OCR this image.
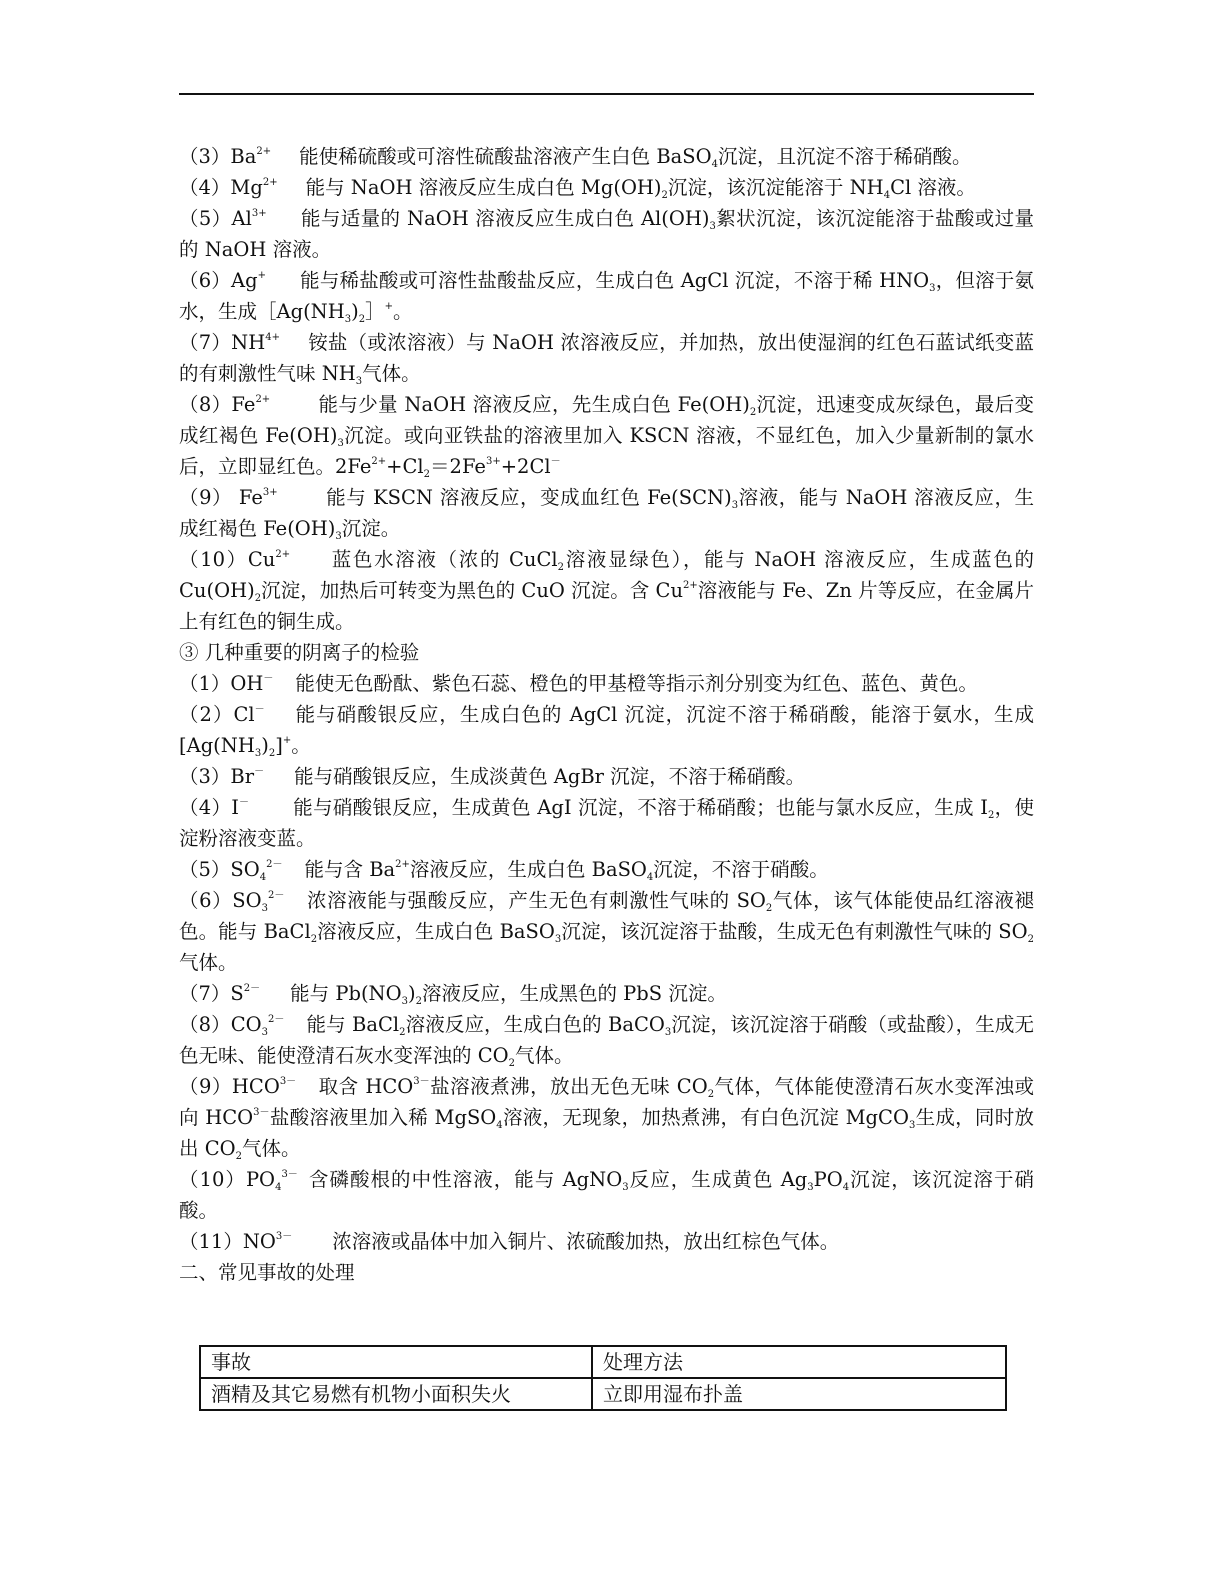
$(3)Ba^{2+}$ 能使稀硫酸或可溶性硫酸盐溶液产生白色 BaSO$_4$沉淀，且沉淀不溶于稀硝酸。

$(4)Mg^{2+}$ 能与 NaOH 溶液反应生成白色 $Mg(OH)_2$沉淀，该沉淀能溶于 $NH_4Cl$ 溶液。

$(5)Al^{3+}$ 能与适量的 NaOH 溶液反应生成白色 $Al(OH)_3$絮状沉淀，该沉淀能溶于盐酸或过量的 NaOH 溶液。

（6）Ag+ 能与稀盐酸或可溶性盐酸盐反应，生成白色 AgCl 沉淀，不溶于稀 $HNO_3$，但溶于氨水，生成$[Ag(NH_3)_2]^+$。

$(7)NH^{4+}$ 铵盐（或浓溶液）与 NaOH 浓溶液反应，并加热，放出使湿润的红色石蓝试纸变蓝的有刺激性气味 $NH_3$气体。

$(8)Fe^{2+}$ 能与少量 NaOH 溶液反应，先生成白色 $Fe(OH)_2$沉淀，迅速变成灰绿色，最后变成红褐色 $Fe(OH)_3$沉淀。或向亚铁盐的溶液里加入 KSCN 溶液，不显红色，加入少量新制的氯水后，立即显红色。$2Fe^{2+}+Cl_2=2Fe^{3+}+2Cl^-$

（9） $Fe^{3+}$ 能与 KSCN 溶液反应，变成血红色 $Fe(SCN)_3$溶液，能与 NaOH 溶液反应，生成红褐色 $Fe(OH)_3$沉淀。

$(10)Cu^{2+}$ 蓝色水溶液（浓的 CuCl$_2$溶液显绿色），能与 NaOH 溶液反应，生成蓝色的 $Cu(OH)_2$沉淀，加热后可转变为黑色的 CuO 沉淀。含 $Cu^{2+}$溶液能与 Fe、Zn 片等反应，在金属片上有红色的铜生成。

③ 几种重要的阴离子的检验

（1）OH－ 能使无色酚酞、紫色石蕊、橙色的甲基橙等指示剂分别变为红色、蓝色、黄色。

（2）Cl－ 能与硝酸银反应，生成白色的 AgCl 沉淀，沉淀不溶于稀硝酸，能溶于氨水，生成$[Ag(NH_3)_2]^+$。

（3）Br－ 能与硝酸银反应，生成淡黄色 AgBr 沉淀，不溶于稀硝酸。

（4）I－ 能与硝酸银反应，生成黄色 AgI 沉淀，不溶于稀硝酸；也能与氯水反应，生成 $I_2$，使淀粉溶液变蓝。

$(5)SO_4^{2-}$ 能与含 $Ba^{2+}$溶液反应，生成白色 BaSO$_4$沉淀，不溶于硝酸。

$(6)SO_3^{2-}$ 浓溶液能与强酸反应，产生无色有刺激性气味的 $SO_2$气体，该气体能使品红溶液褪色。能与 BaCl$_2$溶液反应，生成白色 BaSO$_3$沉淀，该沉淀溶于盐酸，生成无色有刺激性气味的 $SO_2$气体。

$(7)S^{2-}$ 能与 $Pb(NO_3)_2$溶液反应，生成黑色的 PbS 沉淀。

$(8)CO_3^{2-}$ 能与 BaCl$_2$溶液反应，生成白色的 BaCO$_3$沉淀，该沉淀溶于硝酸（或盐酸），生成无色无味、能使澄清石灰水变浑浊的 $CO_2$气体。

$(9)HCO^{3-}$ 取含 $HCO^{3-}$盐溶液煮沸，放出无色无味 $CO_2$气体，气体能使澄清石灰水变浑浊或向 $HCO^{3-}$盐酸溶液里加入稀 MgSO$_4$溶液，无现象，加热煮沸，有白色沉淀 MgCO$_3$生成，同时放出 $CO_2$气体。

$(10)PO_4^{3-}$ 含磷酸根的中性溶液，能与 AgNO$_3$反应，生成黄色 $Ag_3PO_4$沉淀，该沉淀溶于硝酸。

$(11)NO^{3-}$ 浓溶液或晶体中加入铜片、浓硫酸加热，放出红棕色气体。

二、常见事故的处理

事故	处理方法
酒精及其它易燃有机物小面积失火	立即用湿布扑盖
